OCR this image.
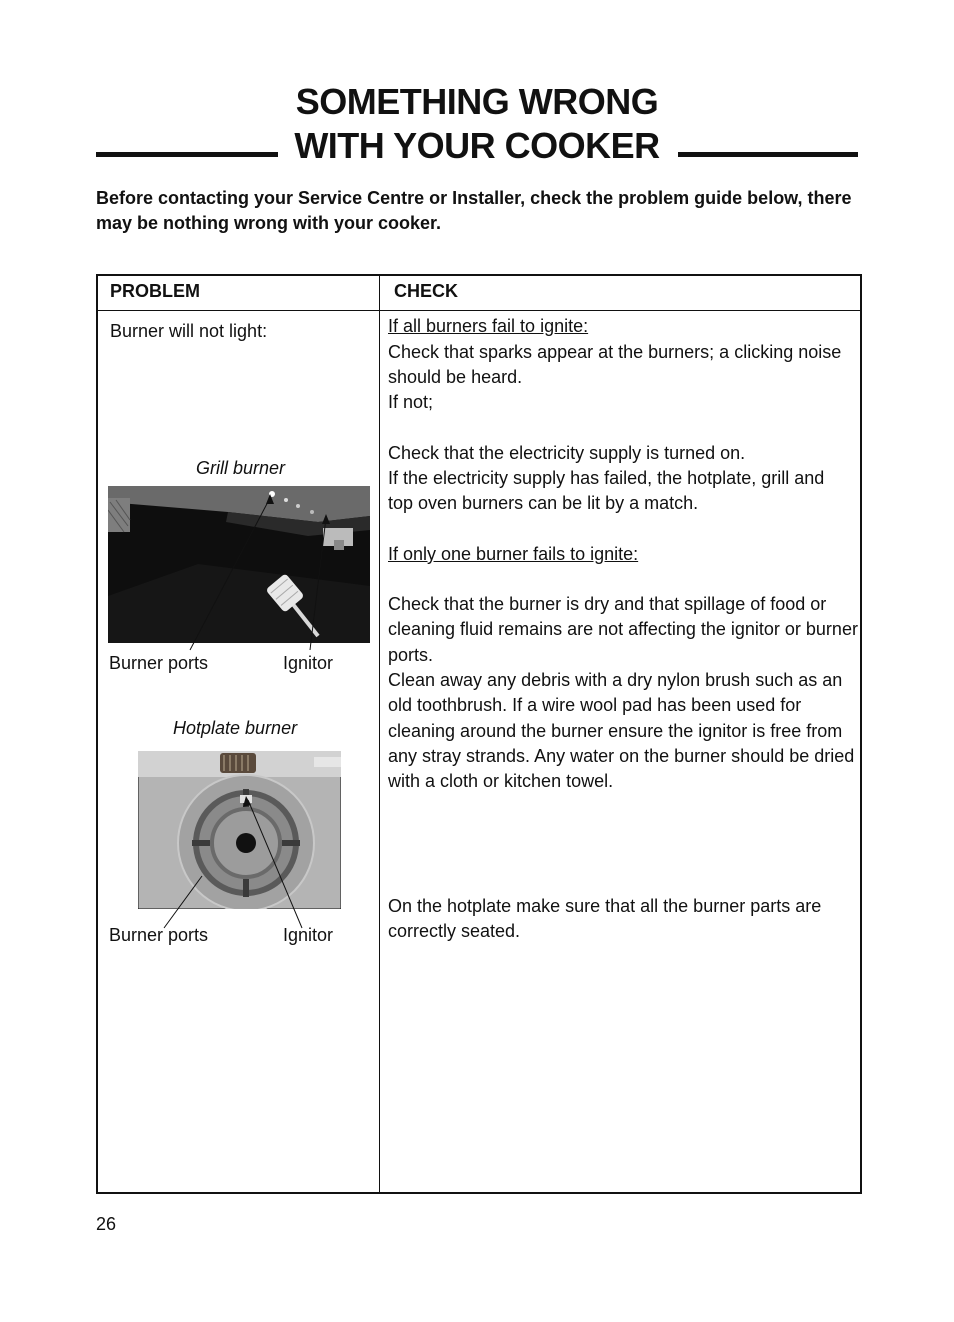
SOMETHING WRONG
WITH YOUR COOKER
Before contacting your Service Centre or Installer, check the problem guide below, there may be nothing wrong with your cooker.
PROBLEM	CHECK
Burner will not light:
Grill burner
Burner ports	Ignitor
Hotplate burner
Burner ports	Ignitor
If all burners fail to ignite:
Check that sparks appear at the burners; a clicking noise should be heard.
If not;
Check that the electricity supply is turned on.
If the electricity supply has failed, the hotplate, grill and top oven burners can be lit by a match.
If only one burner fails to ignite:
Check that the burner is dry and that spillage of food or cleaning fluid remains are not affecting the ignitor or burner ports.
Clean away any debris with a dry nylon brush such as an old toothbrush. If a wire wool pad has been used for cleaning around the burner ensure the ignitor is free from any stray strands. Any water on the burner should be dried with a cloth or kitchen towel.
On the hotplate make sure that all the burner parts are correctly seated.
26
